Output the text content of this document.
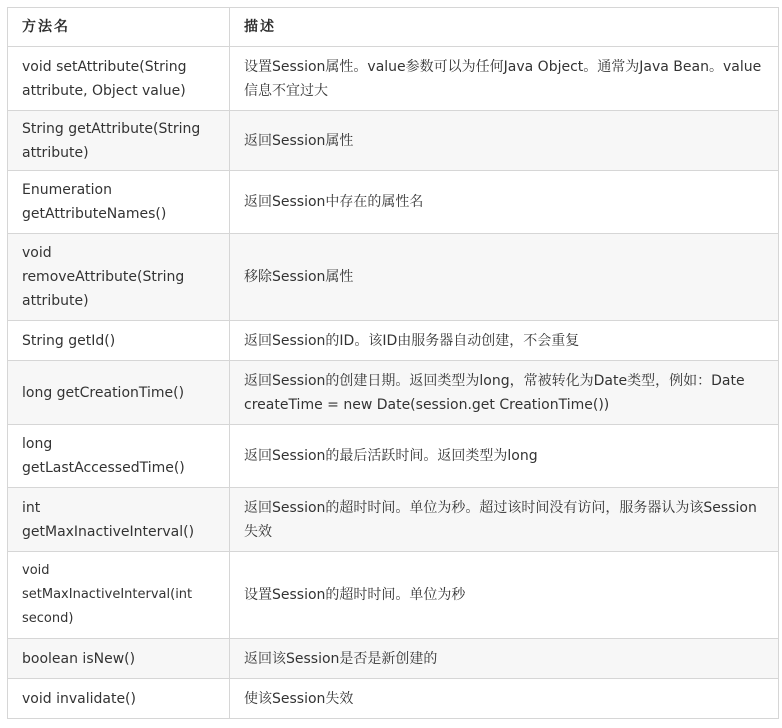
方法名	描述
void setAttribute(String attribute, Object value)	设置Session属性。value参数可以为任何Java Object。通常为Java Bean。value信息不宜过大
String getAttribute(String attribute)	返回Session属性
Enumeration getAttributeNames()	返回Session中存在的属性名
void removeAttribute(String attribute)	移除Session属性
String getId()	返回Session的ID。该ID由服务器自动创建，不会重复
long getCreationTime()	返回Session的创建日期。返回类型为long，常被转化为Date类型，例如：Date createTime = new Date(session.get CreationTime())
long getLastAccessedTime()	返回Session的最后活跃时间。返回类型为long
int getMaxInactiveInterval()	返回Session的超时时间。单位为秒。超过该时间没有访问，服务器认为该Session失效
void setMaxInactiveInterval(int second)	设置Session的超时时间。单位为秒
boolean isNew()	返回该Session是否是新创建的
void invalidate()	使该Session失效
